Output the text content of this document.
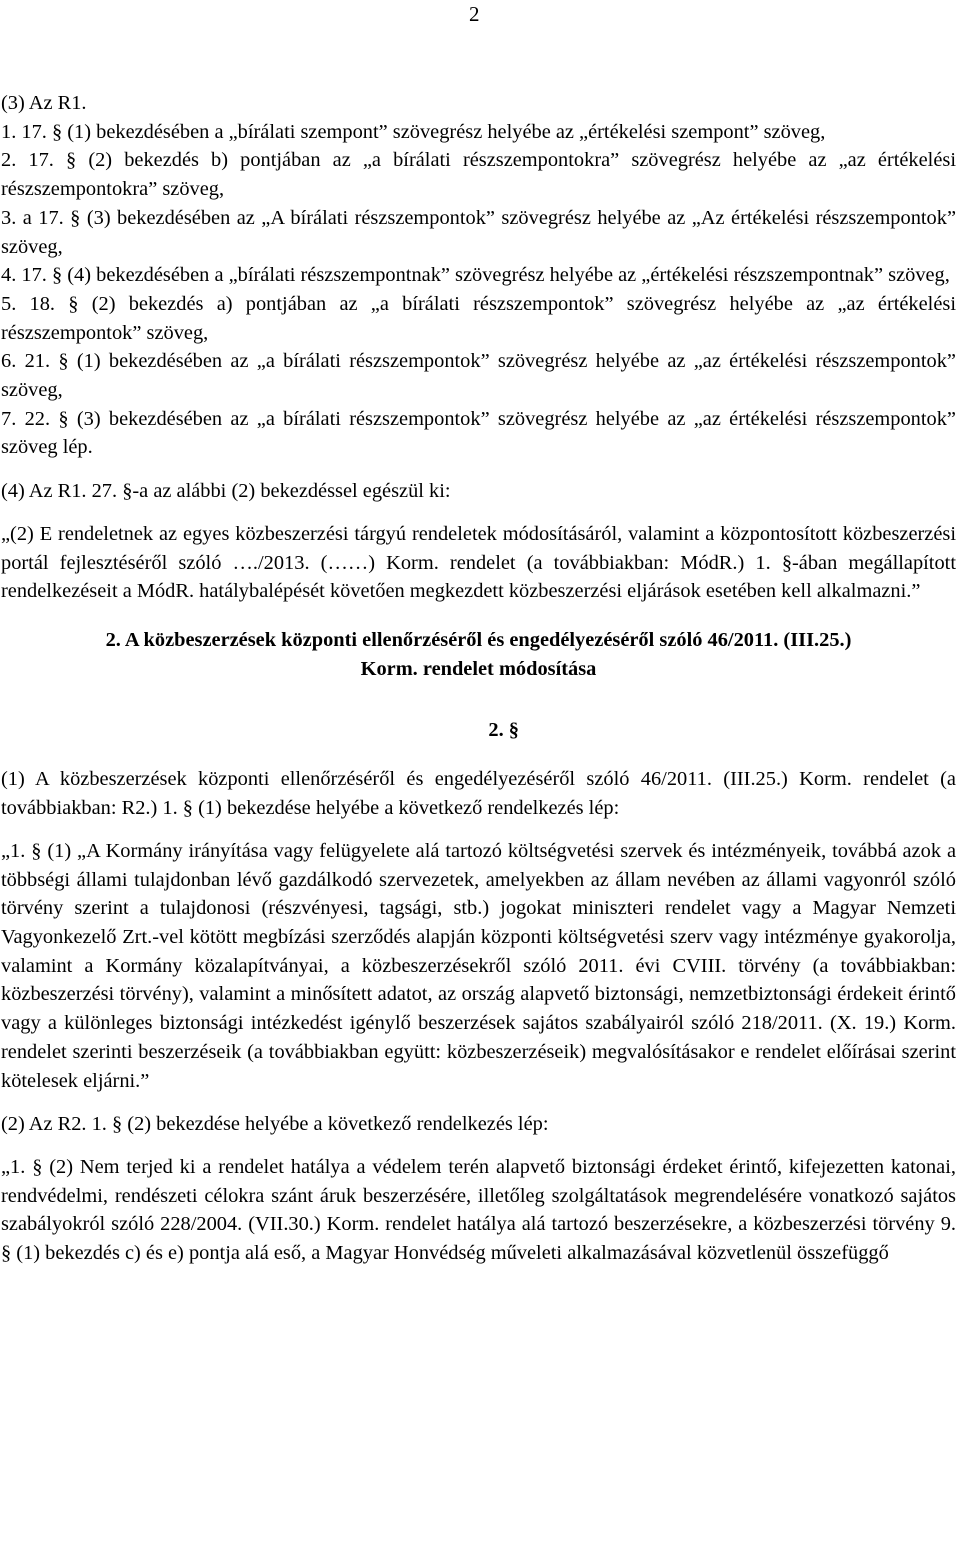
2

(3) Az R1.

1. 17. § (1) bekezdésében a „bírálati szempont” szövegrész helyébe az „értékelési szempont” szöveg,

2. 17. § (2) bekezdés b) pontjában az „a bírálati részszempontokra” szövegrész helyébe az „az értékelési részszempontokra” szöveg,

3. a 17. § (3) bekezdésében az „A bírálati részszempontok” szövegrész helyébe az „Az értékelési részszempontok” szöveg,

4. 17. § (4) bekezdésében a „bírálati részszempontnak” szövegrész helyébe az „értékelési részszempontnak” szöveg,

5. 18. § (2) bekezdés a) pontjában az „a bírálati részszempontok” szövegrész helyébe az „az értékelési részszempontok” szöveg,

6. 21. § (1) bekezdésében az „a bírálati részszempontok” szövegrész helyébe az „az értékelési részszempontok” szöveg,

7. 22. § (3) bekezdésében az „a bírálati részszempontok” szövegrész helyébe az „az értékelési részszempontok” szöveg lép.

(4) Az R1. 27. §-a az alábbi (2) bekezdéssel egészül ki:

„(2) E rendeletnek az egyes közbeszerzési tárgyú rendeletek módosításáról, valamint a központosított közbeszerzési portál fejlesztéséről szóló …./2013. (……) Korm. rendelet (a továbbiakban: MódR.) 1. §-ában megállapított rendelkezéseit a MódR. hatálybalépését követően megkezdett közbeszerzési eljárások esetében kell alkalmazni.”

2. A közbeszerzések központi ellenőrzéséről és engedélyezéséről szóló 46/2011. (III.25.)

Korm. rendelet módosítása

2. §

(1) A közbeszerzések központi ellenőrzéséről és engedélyezéséről szóló 46/2011. (III.25.) Korm. rendelet (a továbbiakban: R2.) 1. § (1) bekezdése helyébe a következő rendelkezés lép:

„1. § (1) „A Kormány irányítása vagy felügyelete alá tartozó költségvetési szervek és intézményeik, továbbá azok a többségi állami tulajdonban lévő gazdálkodó szervezetek, amelyekben az állam nevében az állami vagyonról szóló törvény szerint a tulajdonosi (részvényesi, tagsági, stb.) jogokat miniszteri rendelet vagy a Magyar Nemzeti Vagyonkezelő Zrt.-vel kötött megbízási szerződés alapján központi költségvetési szerv vagy intézménye gyakorolja, valamint a Kormány közalapítványai, a közbeszerzésekről szóló 2011. évi CVIII. törvény (a továbbiakban: közbeszerzési törvény), valamint a minősített adatot, az ország alapvető biztonsági, nemzetbiztonsági érdekeit érintő vagy a különleges biztonsági intézkedést igénylő beszerzések sajátos szabályairól szóló 218/2011. (X. 19.) Korm. rendelet szerinti beszerzéseik (a továbbiakban együtt: közbeszerzéseik) megvalósításakor e rendelet előírásai szerint kötelesek eljárni.”

(2) Az R2. 1. § (2) bekezdése helyébe a következő rendelkezés lép:

„1. § (2) Nem terjed ki a rendelet hatálya a védelem terén alapvető biztonsági érdeket érintő, kifejezetten katonai, rendvédelmi, rendészeti célokra szánt áruk beszerzésére, illetőleg szolgáltatások megrendelésére vonatkozó sajátos szabályokról szóló 228/2004. (VII.30.) Korm. rendelet hatálya alá tartozó beszerzésekre, a közbeszerzési törvény 9. § (1) bekezdés c) és e) pontja alá eső, a Magyar Honvédség műveleti alkalmazásával közvetlenül összefüggő
